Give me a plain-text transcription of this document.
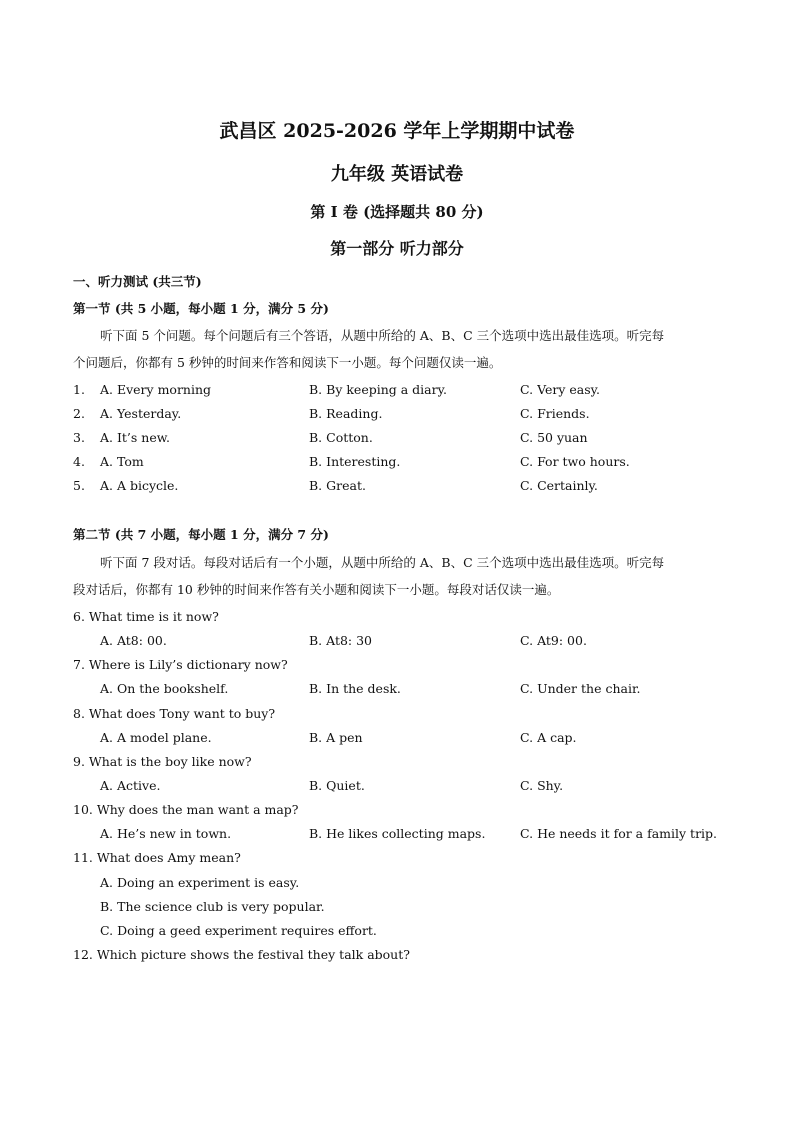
武昌区 2025-2026 学年上学期期中试卷
九年级 英语试卷
第 I 卷 (选择题共 80 分)
第一部分 听力部分
一、听力测试 (共三节)
第一节 (共 5 小题，每小题 1 分，满分 5 分)
听下面 5 个问题。每个问题后有三个答语，从题中所给的 A、B、C 三个选项中选出最佳选项。听完每
个问题后，你都有 5 秒钟的时间来作答和阅读下一小题。每个问题仅读一遍。
1. A. Every morning	B. By keeping a diary.	C. Very easy.
2. A. Yesterday.	B. Reading.	C. Friends.
3. A. It’s new.	B. Cotton.	C. 50 yuan
4. A. Tom	B. Interesting.	C. For two hours.
5. A. A bicycle.	B. Great.	C. Certainly.
第二节 (共 7 小题，每小题 1 分，满分 7 分)
听下面 7 段对话。每段对话后有一个小题，从题中所给的 A、B、C 三个选项中选出最佳选项。听完每
段对话后，你都有 10 秒钟的时间来作答有关小题和阅读下一小题。每段对话仅读一遍。
6. What time is it now?
A. At8: 00.	B. At8: 30	C. At9: 00.
7. Where is Lily’s dictionary now?
A. On the bookshelf.	B. In the desk.	C. Under the chair.
8. What does Tony want to buy?
A. A model plane.	B. A pen	C. A cap.
9. What is the boy like now?
A. Active.	B. Quiet.	C. Shy.
10. Why does the man want a map?
A. He’s new in town.	B. He likes collecting maps.	C. He needs it for a family trip.
11. What does Amy mean?
A. Doing an experiment is easy.
B. The science club is very popular.
C. Doing a geed experiment requires effort.
12. Which picture shows the festival they talk about?
